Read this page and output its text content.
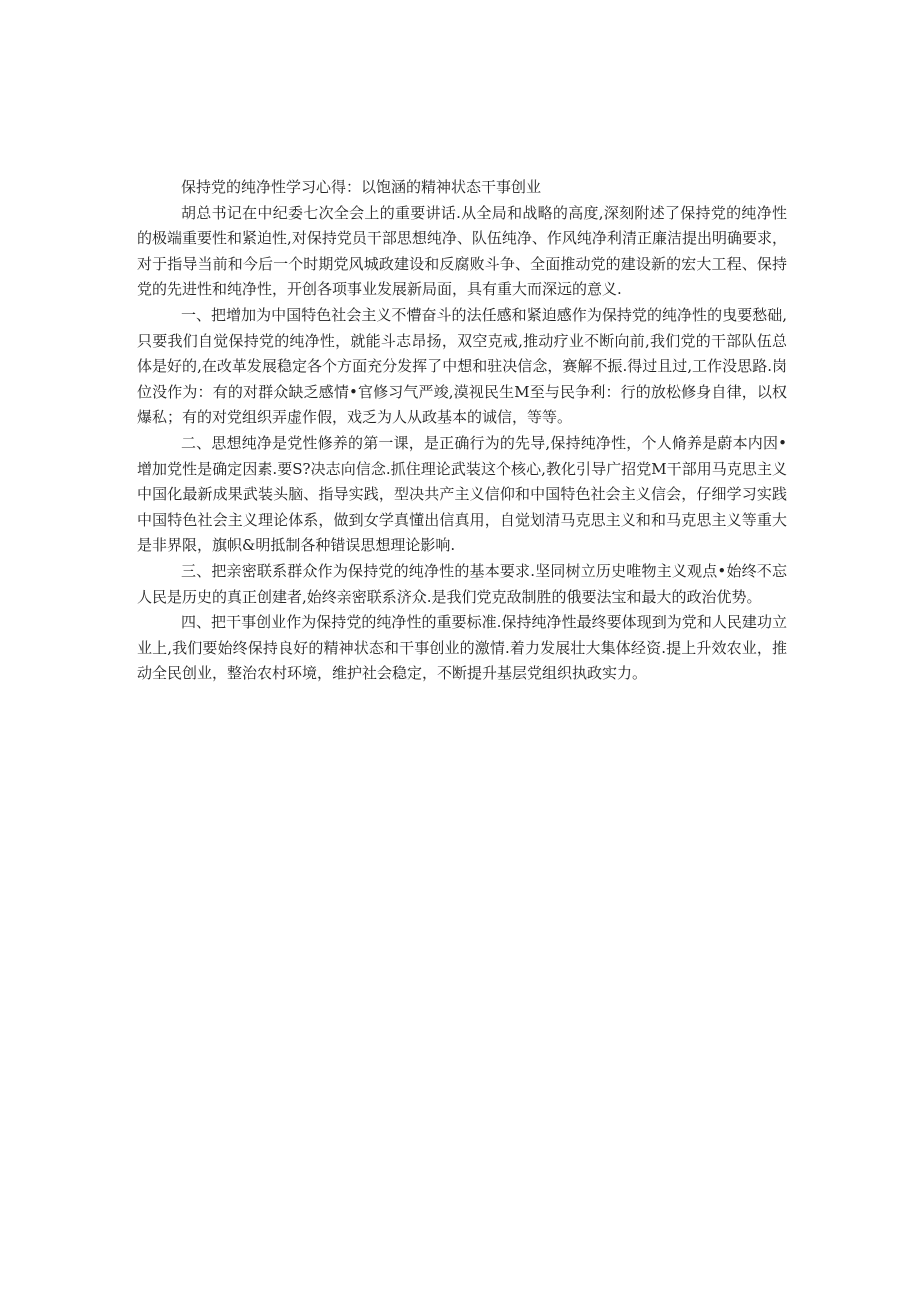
保持党的纯净性学习心得：以饱涵的精神状态干事创业

胡总书记在中纪委七次全会上的重要讲话.从全局和战略的高度,深刻附述了保持党的纯净性的极端重要性和紧迫性,对保持党员干部思想纯净、队伍纯净、作风纯净利清正廉洁提出明确要求，对于指导当前和今后一个时期党风城政建设和反腐败斗争、全面推动党的建设新的宏大工程、保持党的先进性和纯净性，开创各项事业发展新局面，具有重大而深远的意义.

一、把增加为中国特色社会主义不懵奋斗的法任感和紧迫感作为保持党的纯净性的曳要愁础,只要我们自觉保持党的纯净性，就能斗志昂扬，双空克戒,推动疗业不断向前,我们党的干部队伍总体是好的,在改革发展稳定各个方面充分发挥了中想和驻决信念，赛解不振.得过且过,工作没思路.岗位没作为：有的对群众缺乏感情•官修习气严竣,漠视民生M至与民争利：行的放松修身自律，以权爆私；有的对党组织弄虚作假，戏乏为人从政基本的诚信，等等。

二、思想纯净是党性修养的第一课，是正确行为的先导,保持纯净性，个人脩养是蔚本内因•增加党性是确定因素.要S?决志向信念.抓住理论武装这个核心,教化引导广招党M干部用马克思主义中国化最新成果武装头脑、指导实践，型决共产主义信仰和中国特色社会主义信会，仔细学习实践中国特色社会主义理论体系，做到女学真懂出信真用，自觉划清马克思主义和和马克思主义等重大是非界限，旗帜&明抵制各种错误思想理论影响.

三、把亲密联系群众作为保持党的纯净性的基本要求.坚同树立历史唯物主义观点•始终不忘人民是历史的真正创建者,始终亲密联系济众.是我们党克敌制胜的俄要法宝和最大的政治优势。

四、把干事创业作为保持党的纯净性的重要标准.保持纯净性最终要体现到为党和人民建功立业上,我们要始终保持良好的精神状态和干事创业的激情.着力发展壮大集体经资.提上升效农业，推动全民创业，整治农村环境，维护社会稳定，不断提升基层党组织执政实力。
